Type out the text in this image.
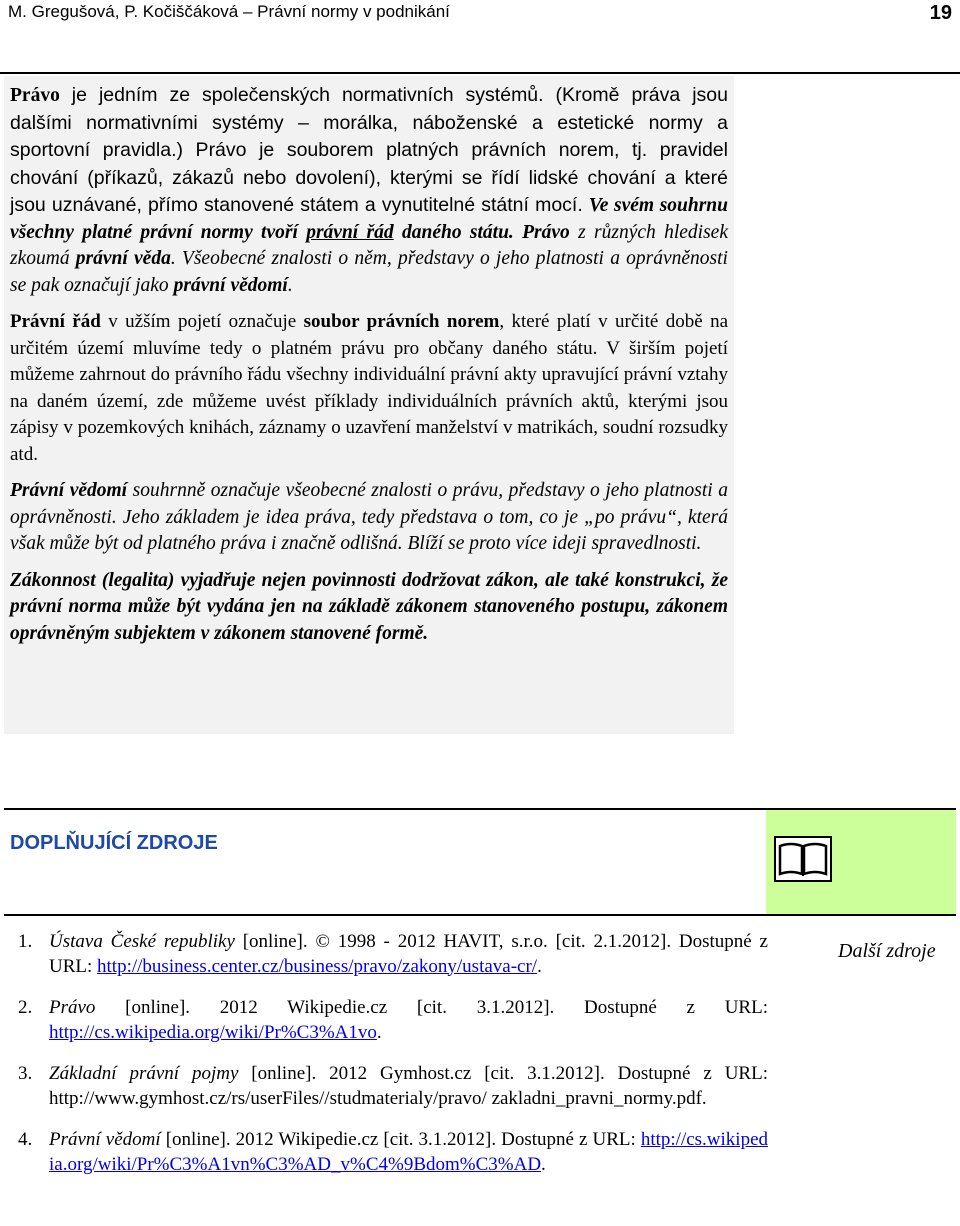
M. Gregušová, P. Kočiščáková – Právní normy v podnikání	19

Právo je jedním ze společenských normativních systémů. (Kromě práva jsou dalšími normativními systémy – morálka, náboženské a estetické normy a sportovní pravidla.) Právo je souborem platných právních norem, tj. pravidel chování (příkazů, zákazů nebo dovolení), kterými se řídí lidské chování a které jsou uznávané, přímo stanovené státem a vynutitelné státní mocí. Ve svém souhrnu všechny platné právní normy tvoří právní řád daného státu. Právo z různých hledisek zkoumá právní věda. Všeobecné znalosti o něm, představy o jeho platnosti a oprávněnosti se pak označují jako právní vědomí.

Právní řád v užším pojetí označuje soubor právních norem, které platí v určité době na určitém území mluvíme tedy o platném právu pro občany daného státu. V širším pojetí můžeme zahrnout do právního řádu všechny individuální právní akty upravující právní vztahy na daném území, zde můžeme uvést příklady individuálních právních aktů, kterými jsou zápisy v pozemkových knihách, záznamy o uzavření manželství v matrikách, soudní rozsudky atd.

Právní vědomí souhrnně označuje všeobecné znalosti o právu, představy o jeho platnosti a oprávněnosti. Jeho základem je idea práva, tedy představa o tom, co je „po právu“, která však může být od platného práva i značně odlišná. Blíží se proto více ideji spravedlnosti.

Zákonnost (legalita) vyjadřuje nejen povinnosti dodržovat zákon, ale také konstrukci, že právní norma může být vydána jen na základě zákonem stanoveného postupu, zákonem oprávněným subjektem v zákonem stanovené formě.

DOPLŇUJÍCÍ ZDROJE
Další zdroje
1. Ústava České republiky [online]. © 1998 - 2012 HAVIT, s.r.o. [cit. 2.1.2012]. Dostupné z URL: http://business.center.cz/business/pravo/zakony/ustava-cr/.
2. Právo [online]. 2012 Wikipedie.cz [cit. 3.1.2012]. Dostupné z URL: http://cs.wikipedia.org/wiki/Pr%C3%A1vo.
3. Základní právní pojmy [online]. 2012 Gymhost.cz [cit. 3.1.2012]. Dostupné z URL: http://www.gymhost.cz/rs/userFiles//studmaterialy/pravo/ zakladni_pravni_normy.pdf.
4. Právní vědomí [online]. 2012 Wikipedie.cz [cit. 3.1.2012]. Dostupné z URL: http://cs.wikipedia.org/wiki/Pr%C3%A1vn%C3%AD_v%C4%9Bdom%C3%AD.
